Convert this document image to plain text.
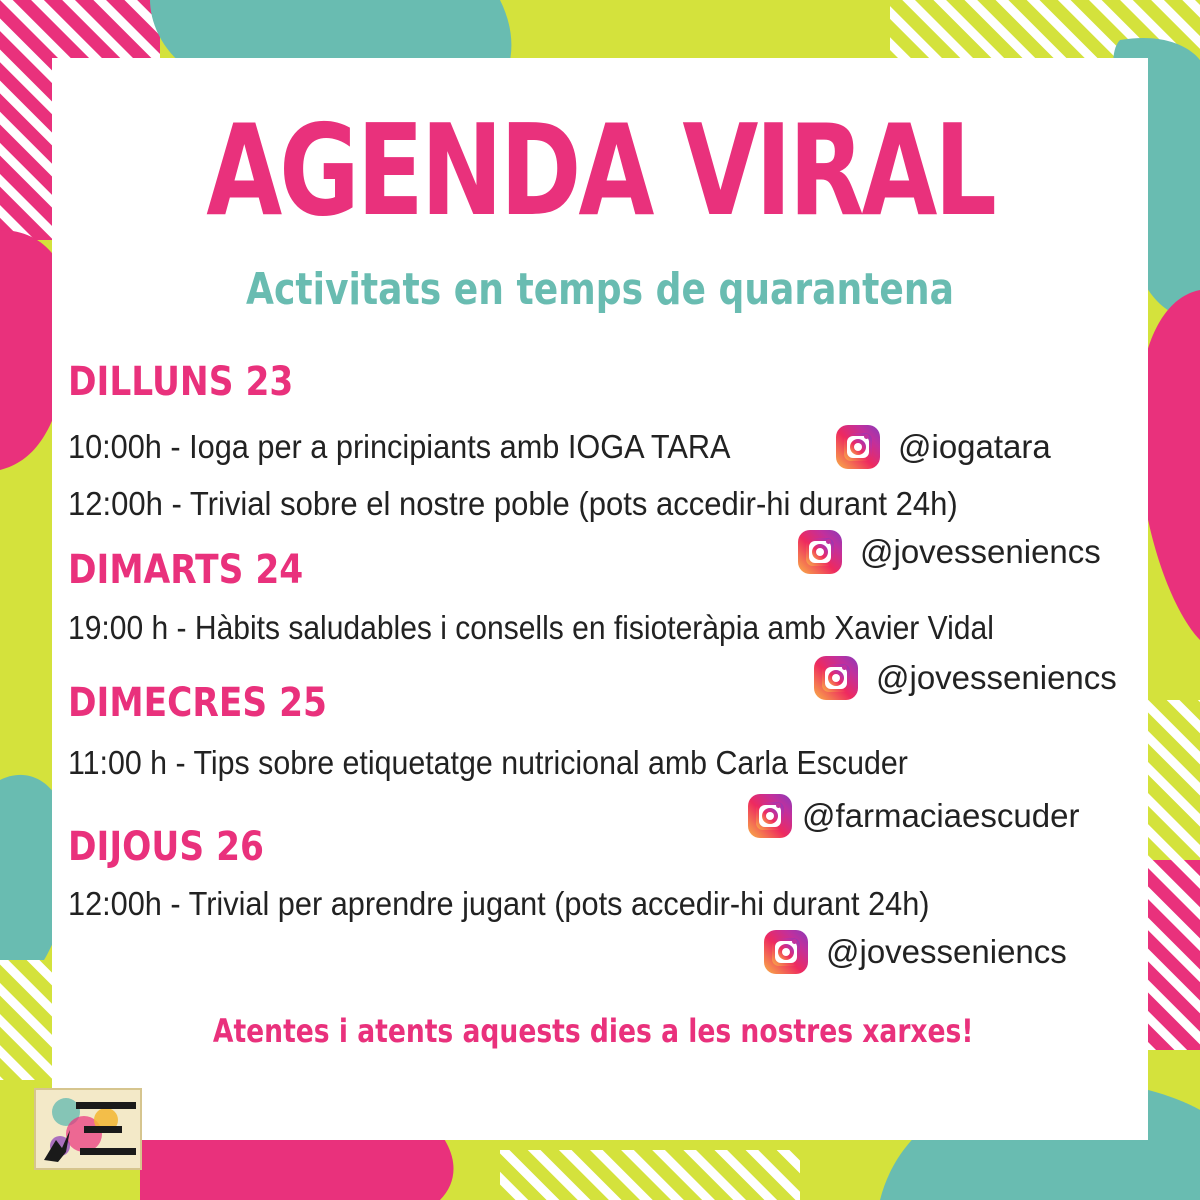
AGENDA VIRAL
Activitats en temps de quarantena
DILLUNS 23
10:00h - Ioga per a principiants amb IOGA TARA	@iogatara
12:00h - Trivial sobre el nostre poble (pots accedir-hi durant 24h)
@jovesseniencs
DIMARTS 24
19:00 h - Hàbits saludables i consells en fisioteràpia amb Xavier Vidal
@jovesseniencs
DIMECRES 25
11:00 h - Tips sobre etiquetatge nutricional amb Carla Escuder
@farmaciaescuder
DIJOUS 26
12:00h - Trivial per aprendre jugant (pots accedir-hi durant 24h)
@jovesseniencs
Atentes i atents aquests dies a les nostres xarxes!
